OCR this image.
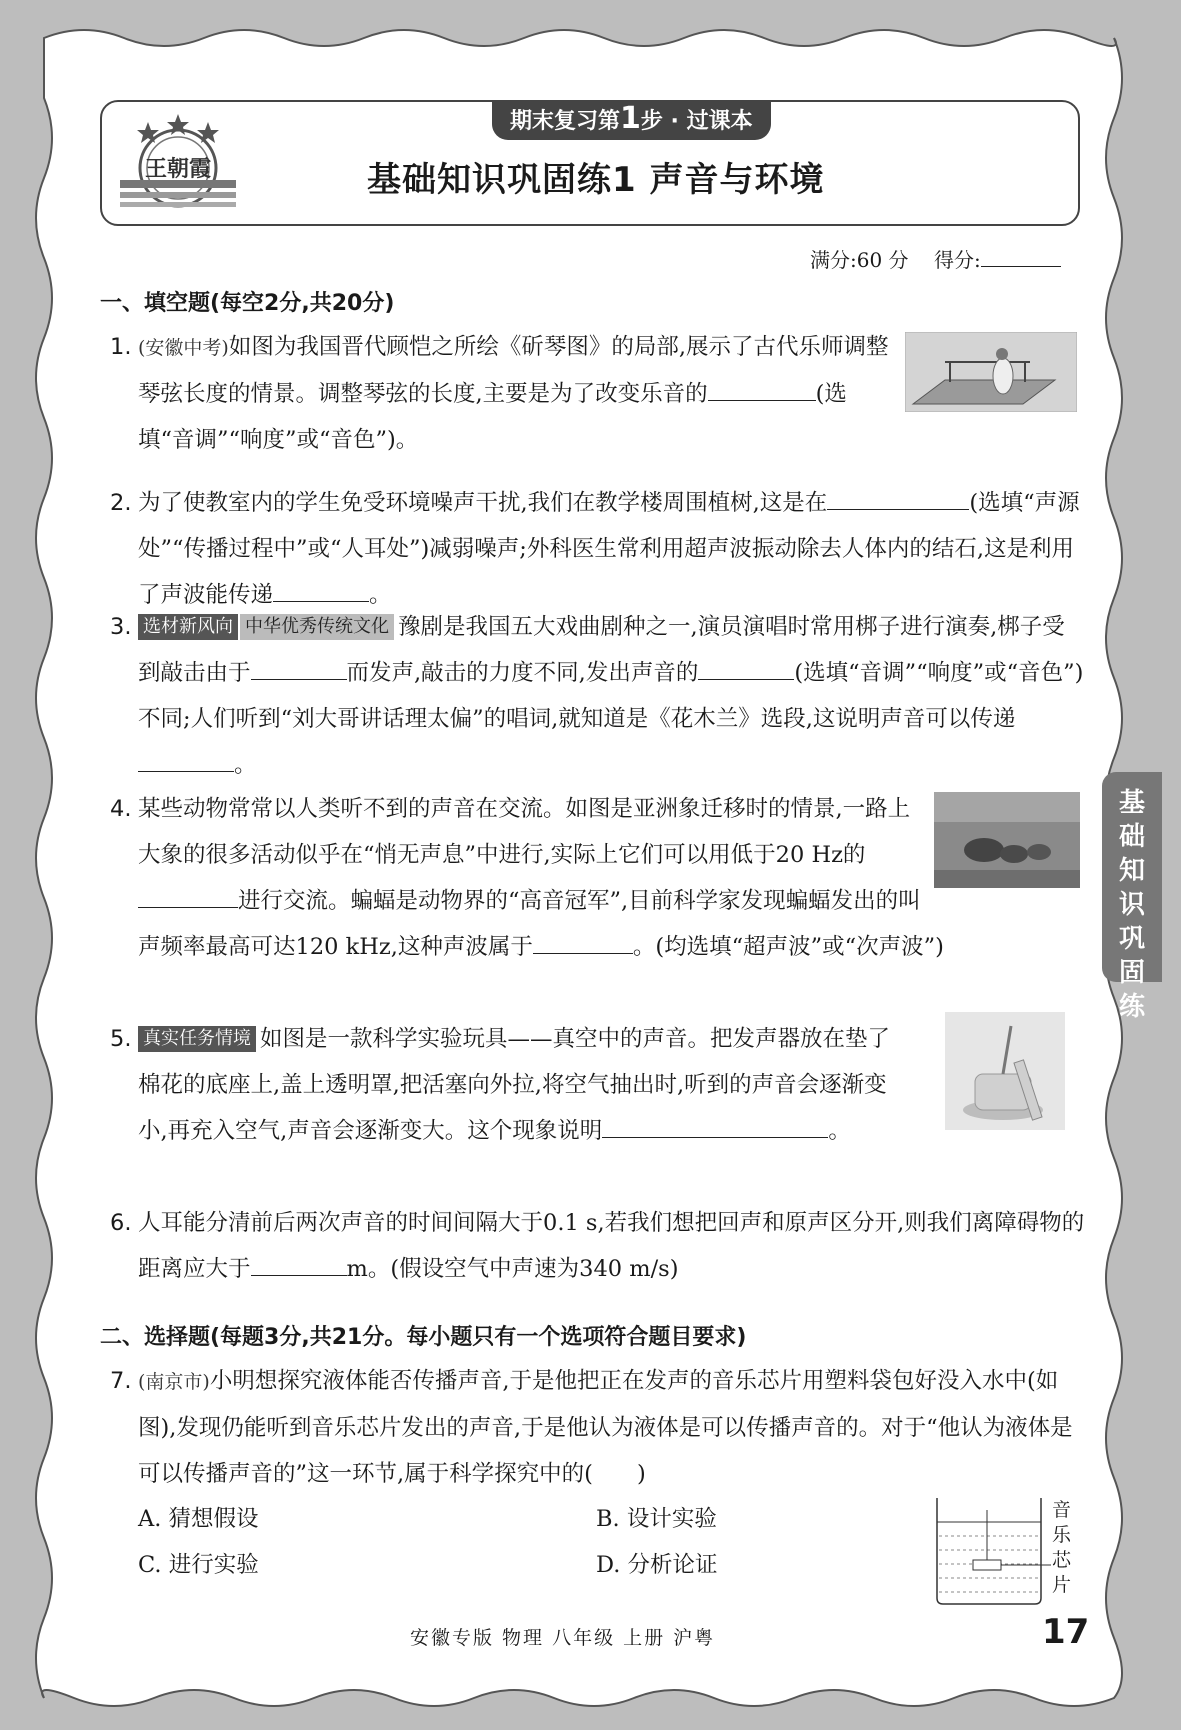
王朝霞
期末复习第1步 · 过课本
基础知识巩固练1 声音与环境
满分:60 分 得分:
一、填空题(每空2分,共20分)
1. (安徽中考)如图为我国晋代顾恺之所绘《斫琴图》的局部,展示了古代乐师调整琴弦长度的情景。调整琴弦的长度,主要是为了改变乐音的	(选填“音调”“响度”或“音色”)。
2. 为了使教室内的学生免受环境噪声干扰,我们在教学楼周围植树,这是在	(选填“声源处”“传播过程中”或“人耳处”)减弱噪声;外科医生常利用超声波振动除去人体内的结石,这是利用了声波能传递	。
3. 选材新风向 中华优秀传统文化 豫剧是我国五大戏曲剧种之一,演员演唱时常用梆子进行演奏,梆子受到敲击由于	而发声,敲击的力度不同,发出声音的	(选填“音调”“响度”或“音色”)不同;人们听到“刘大哥讲话理太偏”的唱词,就知道是《花木兰》选段,这说明声音可以传递。
4. 某些动物常常以人类听不到的声音在交流。如图是亚洲象迁移时的情景,一路上大象的很多活动似乎在“悄无声息”中进行,实际上它们可以用低于20 Hz的进行交流。蝙蝠是动物界的“高音冠军”,目前科学家发现蝙蝠发出的叫声频率最高可达120 kHz,这种声波属于	。(均选填“超声波”或“次声波”)
5. 真实任务情境 如图是一款科学实验玩具——真空中的声音。把发声器放在垫了棉花的底座上,盖上透明罩,把活塞向外拉,将空气抽出时,听到的声音会逐渐变小,再充入空气,声音会逐渐变大。这个现象说明	。
6. 人耳能分清前后两次声音的时间间隔大于0.1 s,若我们想把回声和原声区分开,则我们离障碍物的距离应大于	m。(假设空气中声速为340 m/s)
二、选择题(每题3分,共21分。每小题只有一个选项符合题目要求)
7. (南京市)小明想探究液体能否传播声音,于是他把正在发声的音乐芯片用塑料袋包好没入水中(如图),发现仍能听到音乐芯片发出的声音,于是他认为液体是可以传播声音的。对于“他认为液体是可以传播声音的”这一环节,属于科学探究中的( )
A. 猜想假设	B. 设计实验
C. 进行实验	D. 分析论证
音
乐
芯
片
基
础
知
识
巩
固
练
安徽专版 物理 八年级 上册 沪粤	17
